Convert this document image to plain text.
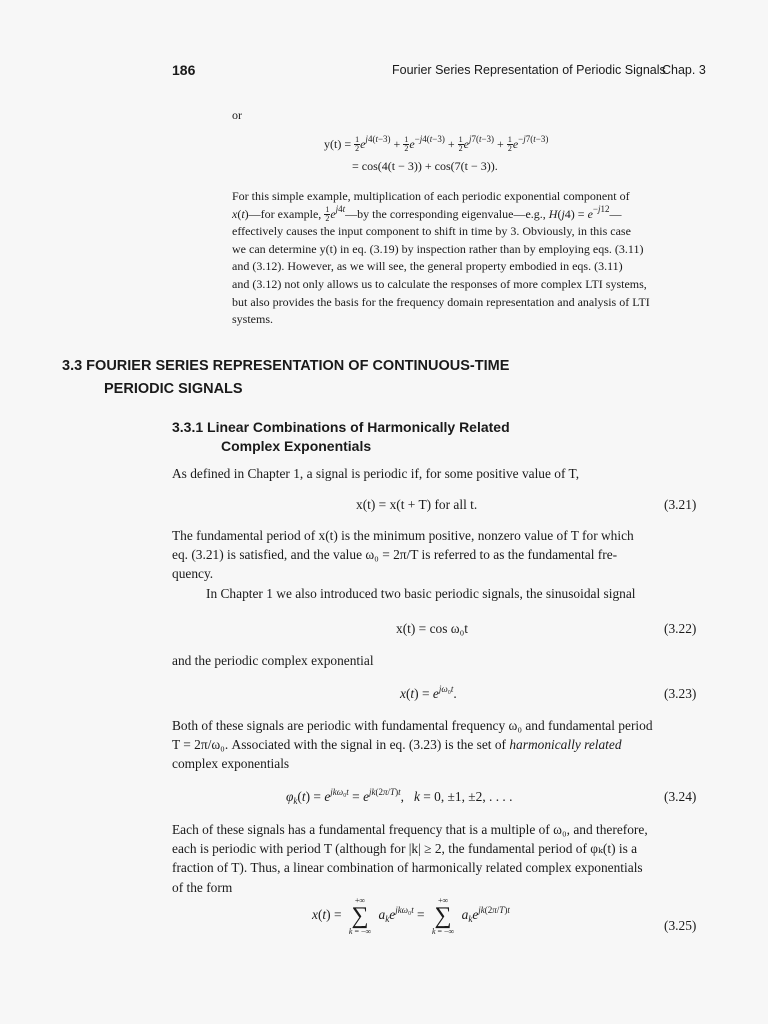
186	Fourier Series Representation of Periodic Signals
Chap. 3
or
$y(t) = \frac{1}{2} e^{j4(t-3)} + \frac{1}{2} e^{-j4(t-3)} + \frac{1}{2} e^{j7(t-3)} + \frac{1}{2} e^{-j7(t-3)}$
= cos(4(t − 3)) + cos(7(t − 3)).
For this simple example, multiplication of each periodic exponential component of
x(t)—for example, $\frac{1}{2}$ $e^{j4t}—by$ the corresponding eigenvalue—e.g., $H(j4) = e^{-j12}—$
effectively causes the input component to shift in time by 3. Obviously, in this case
we can determine y(t) in eq. (3.19) by inspection rather than by employing eqs. (3.11)
and (3.12). However, as we will see, the general property embodied in eqs. (3.11)
and (3.12) not only allows us to calculate the responses of more complex LTI systems,
but also provides the basis for the frequency domain representation and analysis of LTI
systems.
3.3 FOURIER SERIES REPRESENTATION OF CONTINUOUS-TIME
PERIODIC SIGNALS
3.3.1 Linear Combinations of Harmonically Related
Complex Exponentials
As defined in Chapter 1, a signal is periodic if, for some positive value of T,
x(t) = x(t + T) for all t.	(3.21)
The fundamental period of x(t) is the minimum positive, nonzero value of T for which
eq. (3.21) is satisfied, and the value ω₀ = 2π/T is referred to as the fundamental fre-
quency.
In Chapter 1 we also introduced two basic periodic signals, the sinusoidal signal
x(t) = cos ω₀t	(3.22)
and the periodic complex exponential
$x(t) = e^{j\omega_0t}$.	(3.23)
Both of these signals are periodic with fundamental frequency ω₀ and fundamental period
T = 2π/ω₀. Associated with the signal in eq. (3.23) is the set of harmonically related
complex exponentials
$\varphi_k(t) = e^{jk\omega_0t} = e^{jk(2\pi/T)t}$,   k = 0, ±1, ±2, . . . .	(3.24)
Each of these signals has a fundamental frequency that is a multiple of ω₀, and therefore,
each is periodic with period T (although for |k| ≥ 2, the fundamental period of φₖ(t) is a
fraction of T). Thus, a linear combination of harmonically related complex exponentials
of the form
x(t) =
+∞
∑
k = −∞
$a_ke^{jk\omega_0t}$ =
+∞
∑
k = −∞
$a_ke^{jk(2\pi/T)t}$
(3.25)
